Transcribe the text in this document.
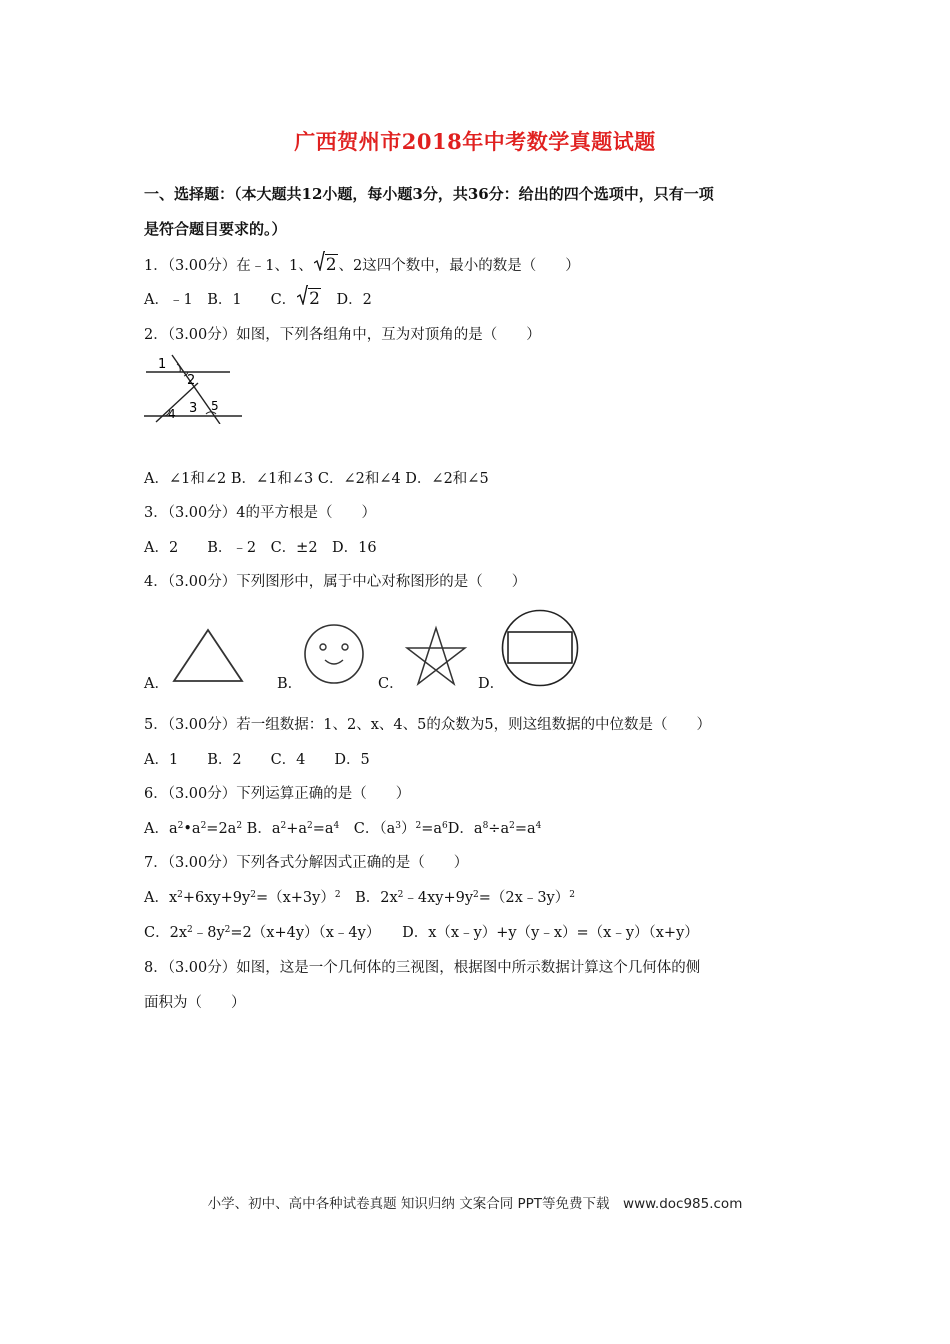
广西贺州市2018年中考数学真题试题
一、选择题：（本大题共12小题，每小题3分，共36分：给出的四个选项中，只有一项
是符合题目要求的。）
1．（3.00分）在﹣1、1、 2 、2这四个数中，最小的数是（　　）
A．﹣1　B．1　　C． 2　D．2
2．（3.00分）如图，下列各组角中，互为对顶角的是（　　）
1
2
3
4
5
A．∠1和∠2 B．∠1和∠3 C．∠2和∠4 D．∠2和∠5
3．（3.00分）4的平方根是（　　）
A．2　　B．﹣2　C．±2　D．16
4．（3.00分）下列图形中，属于中心对称图形的是（　　）
A．	B．	C．	D．
5．（3.00分）若一组数据：1、2、x、4、5的众数为5，则这组数据的中位数是（　　）
A．1　　B．2　　C．4　　D．5
6．（3.00分）下列运算正确的是（　　）
A．$a^2•a^2=2a^2$ B．$a^2+a^2=a^4$　C．$(a^3)^2=a^6D$．$a^8\div a^2=a^4$
7．（3.00分）下列各式分解因式正确的是（　　）
A．$x^2+6xy+9y^2=(x+3y)^2$　B．$2x^2﹣4xy+9y^2=(2x﹣3y)^2$
C．$2x^2﹣8y^2=2(x+4y)(x﹣4y)$　　D．x（x﹣y）+y（y﹣x）=（x﹣y）（x+y）
8．（3.00分）如图，这是一个几何体的三视图，根据图中所示数据计算这个几何体的侧
面积为（　　）
小学、初中、高中各种试卷真题 知识归纳 文案合同 PPT等免费下载　www.doc985.com
